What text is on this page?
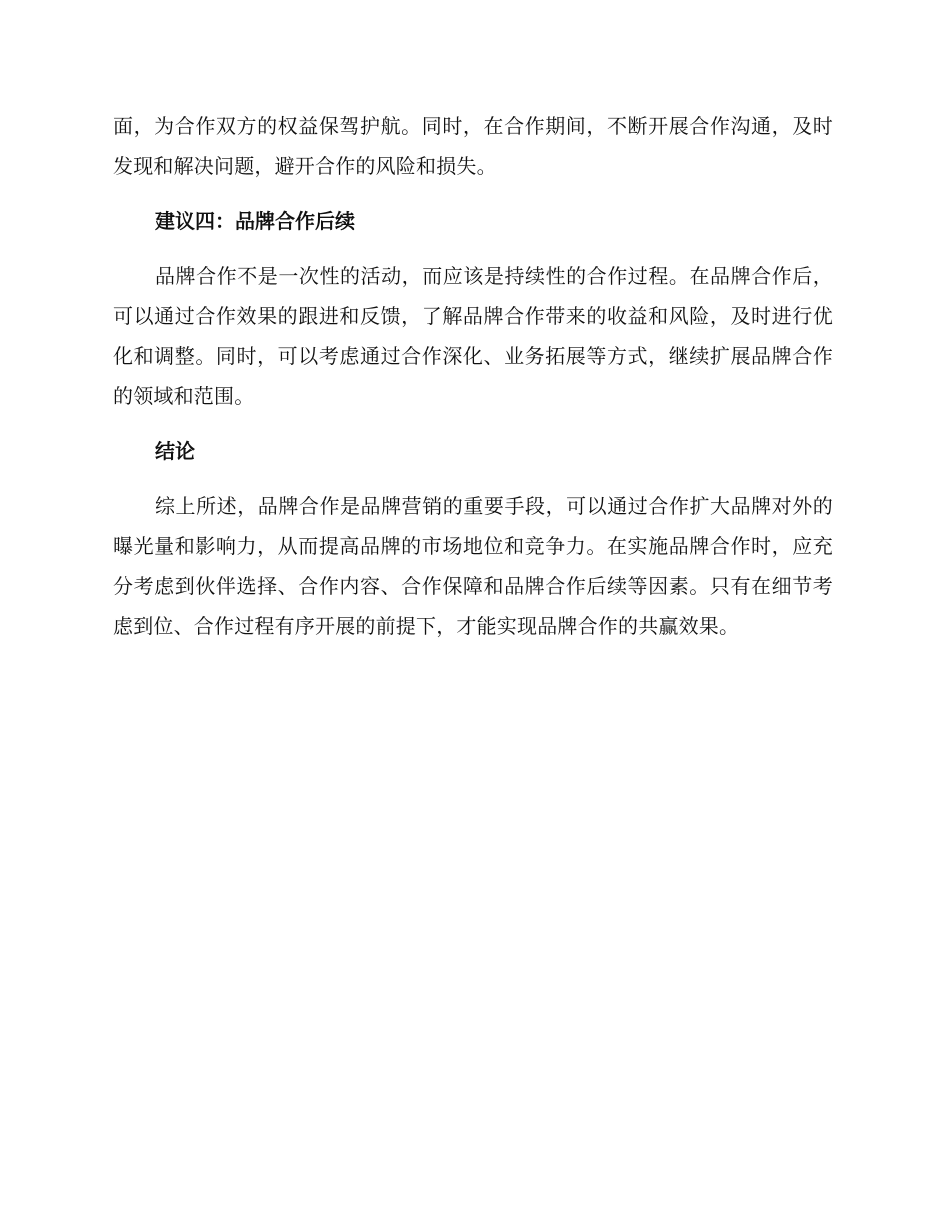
面，为合作双方的权益保驾护航。同时，在合作期间，不断开展合作沟通，及时发现和解决问题，避开合作的风险和损失。

建议四：品牌合作后续

品牌合作不是一次性的活动，而应该是持续性的合作过程。在品牌合作后，可以通过合作效果的跟进和反馈，了解品牌合作带来的收益和风险，及时进行优化和调整。同时，可以考虑通过合作深化、业务拓展等方式，继续扩展品牌合作的领域和范围。

结论

综上所述，品牌合作是品牌营销的重要手段，可以通过合作扩大品牌对外的曝光量和影响力，从而提高品牌的市场地位和竞争力。在实施品牌合作时，应充分考虑到伙伴选择、合作内容、合作保障和品牌合作后续等因素。只有在细节考虑到位、合作过程有序开展的前提下，才能实现品牌合作的共赢效果。
